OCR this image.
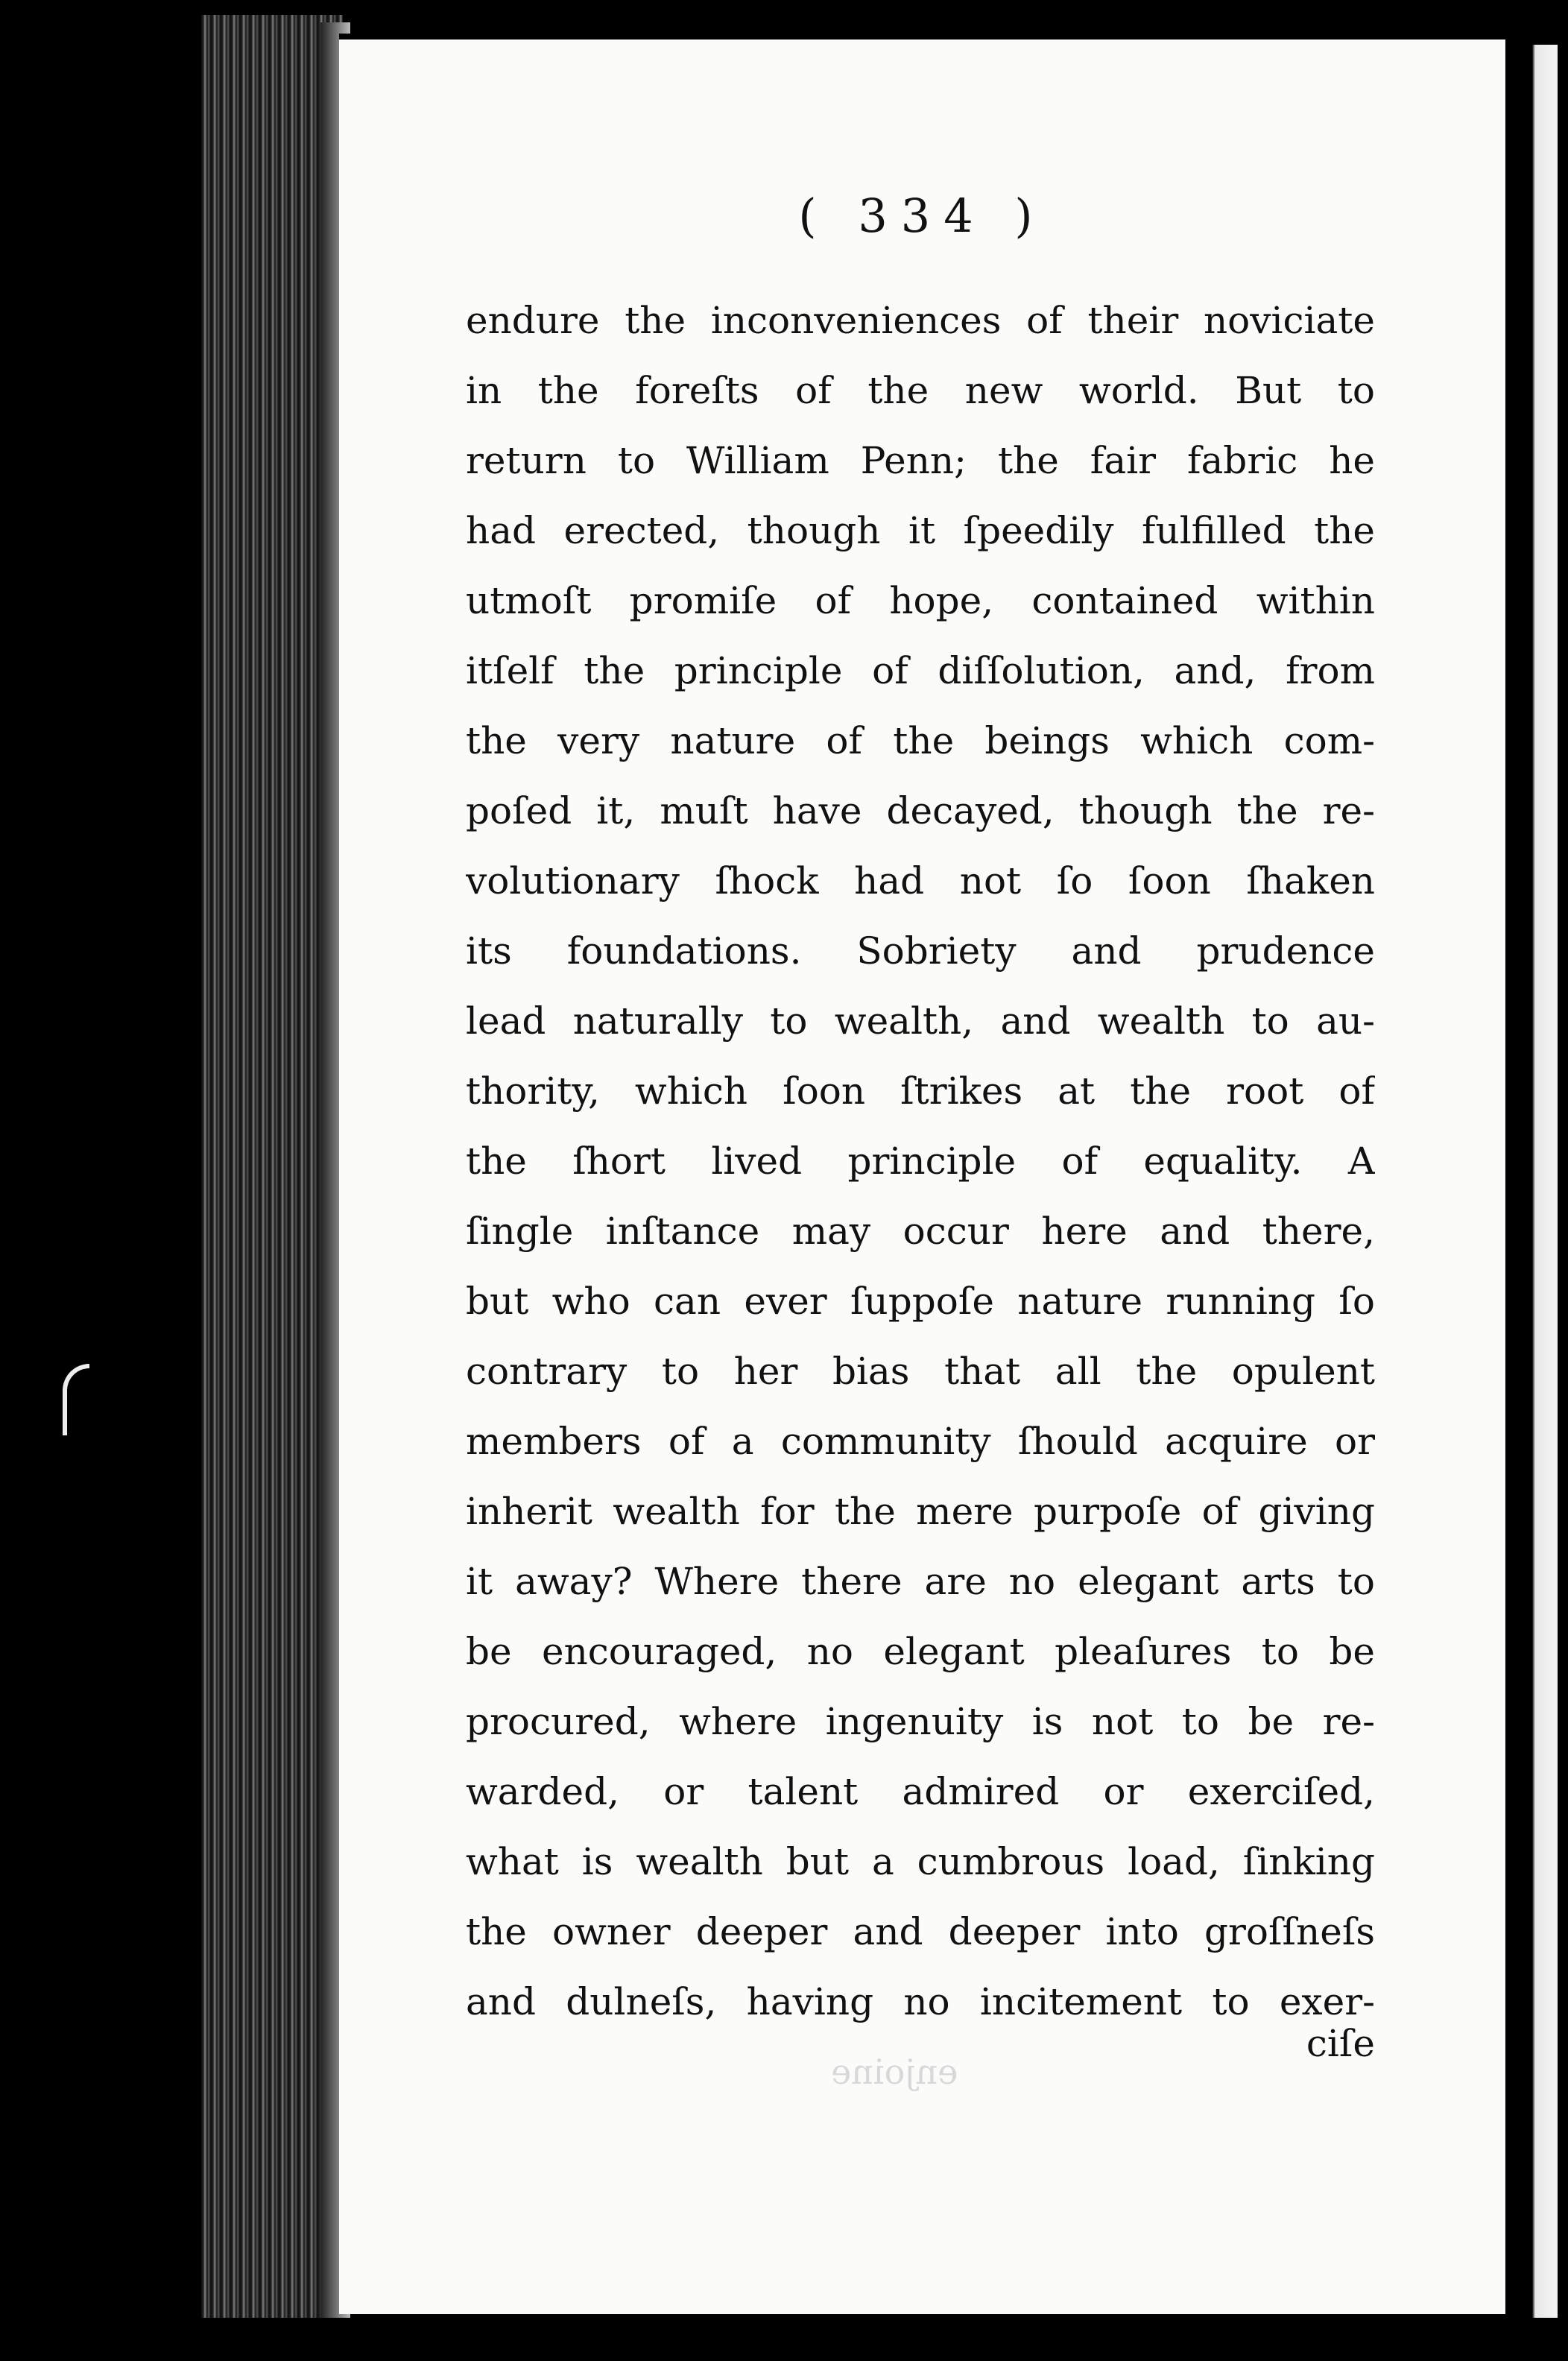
( 334 )
endure the inconveniences of their noviciate
in the foreſts of the new world. But to
return to William Penn; the fair fabric he
had erected, though it ſpeedily fulfilled the
utmoſt promiſe of hope, contained within
itſelf the principle of diſſolution, and, from
the very nature of the beings which com-
poſed it, muſt have decayed, though the re-
volutionary ſhock had not ſo ſoon ſhaken
its foundations. Sobriety and prudence
lead naturally to wealth, and wealth to au-
thority, which ſoon ſtrikes at the root of
the ſhort lived principle of equality. A
ſingle inſtance may occur here and there,
but who can ever ſuppoſe nature running ſo
contrary to her bias that all the opulent
members of a community ſhould acquire or
inherit wealth for the mere purpoſe of giving
it away? Where there are no elegant arts to
be encouraged, no elegant pleaſures to be
procured, where ingenuity is not to be re-
warded, or talent admired or exerciſed,
what is wealth but a cumbrous load, ſinking
the owner deeper and deeper into groſſneſs
and dulneſs, having no incitement to exer-
ciſe
enjoine
